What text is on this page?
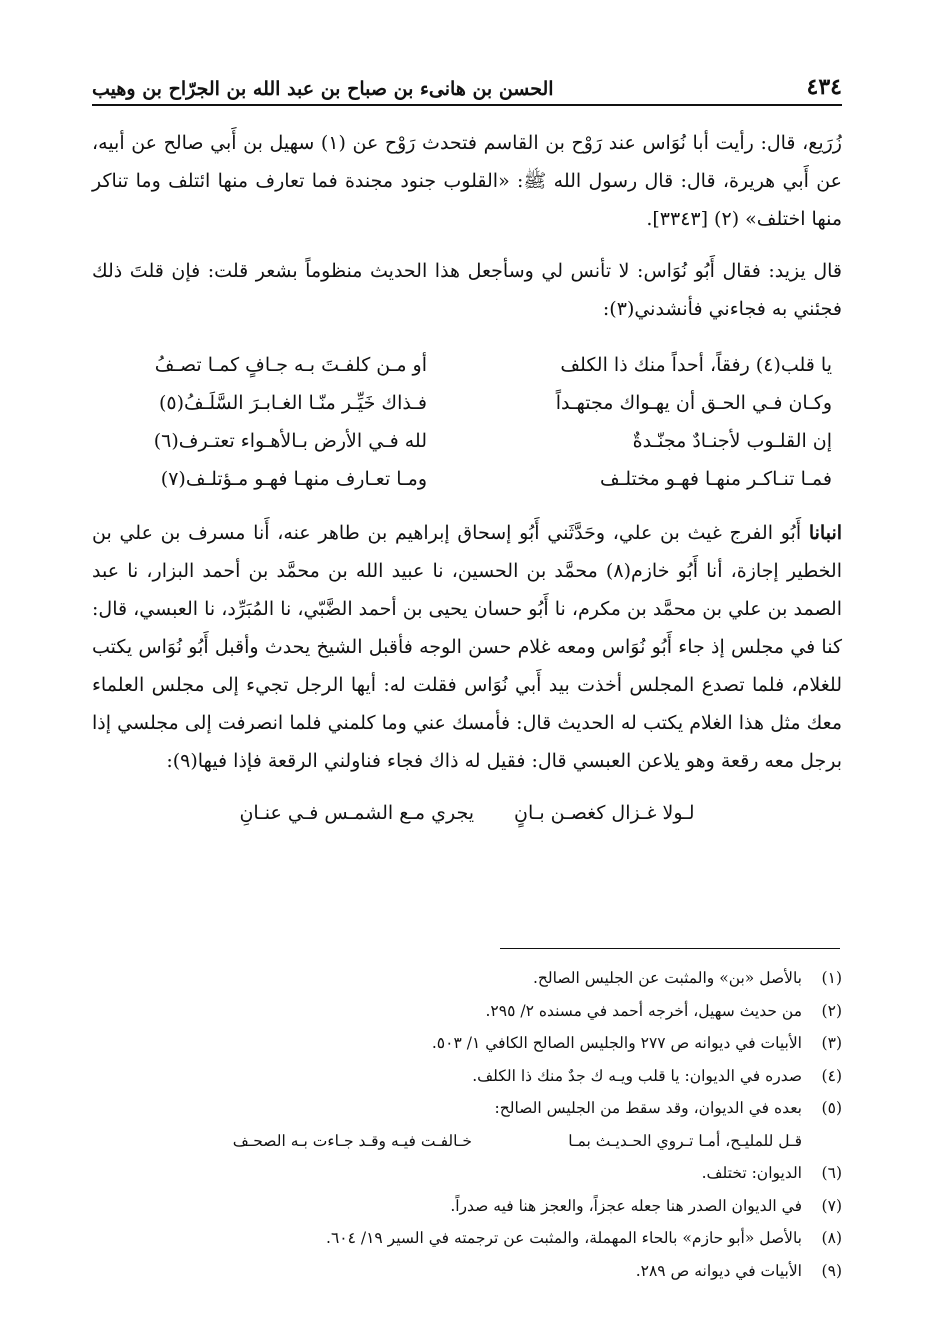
٤٣٤
الحسن بن هانىء بن صباح بن عبد الله بن الجرّاح بن وهيب

زُرَيع، قال: رأيت أبا نُوَاس عند رَوْح بن القاسم فتحدث رَوْح عن (١) سهيل بن أَبي صالح عن أبيه، عن أَبي هريرة، قال: قال رسول الله ﷺ: «القلوب جنود مجندة فما تعارف منها ائتلف وما تناكر منها اختلف» (٢) [٣٣٤٣].

قال يزيد: فقال أَبُو نُوَاس: لا تأنس لي وسأجعل هذا الحديث منظوماً بشعر قلت: فإن قلتَ ذلك فجئني به فجاءني فأنشدني(٣):

يا قلب(٤) رفقاً، أحداً منك ذا الكلف
أو مـن كلفـتَ بـه جـافٍ كمـا تصـفُ
وكـان فـي الحـق أن يهـواك مجتهـداً
فـذاك خَيِّـر منّـا الغـابـرَ السَّلَـفُ(٥)
إن القلـوب لأجنـادٌ مجنّـدةٌ
لله فـي الأرض بـالأهـواء تعتـرف(٦)
فمـا تنـاكـر منهـا فهـو مختلـف
ومـا تعـارف منهـا فهـو مـؤتلـف(٧)

انبانا أَبُو الفرج غيث بن علي، وحَدَّثَني أَبُو إسحاق إبراهيم بن طاهر عنه، أَنا مسرف بن علي بن الخطير إجازة، أنا أَبُو خازم(٨) محمَّد بن الحسين، نا عبيد الله بن محمَّد بن أحمد البزار، نا عبد الصمد بن علي بن محمَّد بن مكرم، نا أَبُو حسان يحيى بن أحمد الضَّبّي، نا المُبَرِّد، نا العبسي، قال: كنا في مجلس إذ جاء أَبُو نُوَاس ومعه غلام حسن الوجه فأقبل الشيخ يحدث وأقبل أَبُو نُوَاس يكتب للغلام، فلما تصدع المجلس أخذت بيد أَبي نُوَاس فقلت له: أيها الرجل تجيء إلى مجلس العلماء معك مثل هذا الغلام يكتب له الحديث قال: فأمسك عني وما كلمني فلما انصرفت إلى مجلسي إذا برجل معه رقعة وهو يلاعن العبسي قال: فقيل له ذاك فجاء فناولني الرقعة فإذا فيها(٩):

لـولا غـزال كغصـن بـانٍ
يجري مـع الشمـس فـي عنـانِ
(١)
بالأصل «بن» والمثبت عن الجليس الصالح.
(٢)
من حديث سهيل، أخرجه أحمد في مسنده ٢/ ٢٩٥.
(٣)
الأبيات في ديوانه ص ٢٧٧ والجليس الصالح الكافي ١/ ٥٠٣.
(٤)
صدره في الديوان: يا قلب ويـه ك جدٌ منك ذا الكلف.
(٥)
بعده في الديوان، وقد سقط من الجليس الصالح:
قـل للمليـح، أمـا تـروي الحـديـث بمـا
خـالفـت فيـه وقـد جـاءت بـه الصحـف
(٦)
الديوان: تختلف.
(٧)
في الديوان الصدر هنا جعله عجزاً، والعجز هنا فيه صدراً.
(٨)
بالأصل «أبو حازم» بالحاء المهملة، والمثبت عن ترجمته في السير ١٩/ ٦٠٤.
(٩)
الأبيات في ديوانه ص ٢٨٩.
